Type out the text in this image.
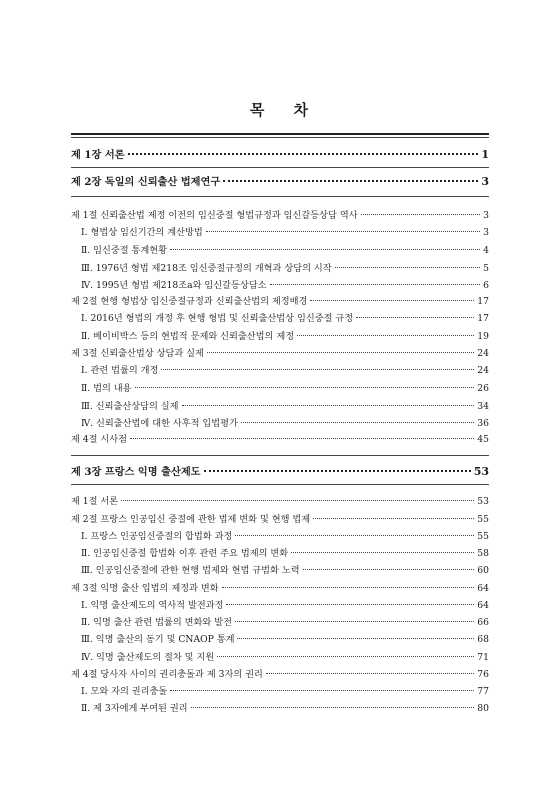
목 차
제 1장 서론	1
제 2장 독일의 신뢰출산 법제연구	3
제 1절 신뢰출산법 제정 이전의 임신중절 형법규정과 임신갈등상담 역사	3
Ⅰ. 형법상 임신기간의 계산방법	3
Ⅱ. 임신중절 통계현황	4
Ⅲ. 1976년 형법 제218조 임신중절규정의 개혁과 상담의 시작	5
Ⅳ. 1995년 형법 제218조a와 임신갈등상담소	6
제 2절 현행 형법상 임신중절규정과 신뢰출산법의 제정배경	17
Ⅰ. 2016년 형법의 개정 후 현행 형법 및 신뢰출산법상 임신중절 규정	17
Ⅱ. 베이비박스 등의 현법적 문제와 신뢰출산법의 제정	19
제 3절 신뢰출산법상 상담과 실제	24
Ⅰ. 관련 법률의 개정	24
Ⅱ. 법의 내용	26
Ⅲ. 신뢰출산상담의 실제	34
Ⅳ. 신뢰출산법에 대한 사후적 입법평가	36
제 4절 시사점	45
제 3장 프랑스 익명 출산제도	53
제 1절 서론	53
제 2절 프랑스 인공임신 중절에 관한 법제 변화 및 현행 법제	55
Ⅰ. 프랑스 인공임신중절의 합법화 과정	55
Ⅱ. 인공임신중절 합법화 이후 관련 주요 법제의 변화	58
Ⅲ. 인공임신중절에 관한 현행 법제와 현법 규범화 노력	60
제 3절 익명 출산 입법의 제정과 변화	64
Ⅰ. 익명 출산제도의 역사적 발전과정	64
Ⅱ. 익명 출산 관련 법률의 변화와 발전	66
Ⅲ. 익명 출산의 동기 및 CNAOP 통계	68
Ⅳ. 익명 출산제도의 절차 및 지원	71
제 4절 당사자 사이의 권리충돌과 제 3자의 권리	76
Ⅰ. 모와 자의 권리충돌	77
Ⅱ. 제 3자에게 부여된 권리	80
